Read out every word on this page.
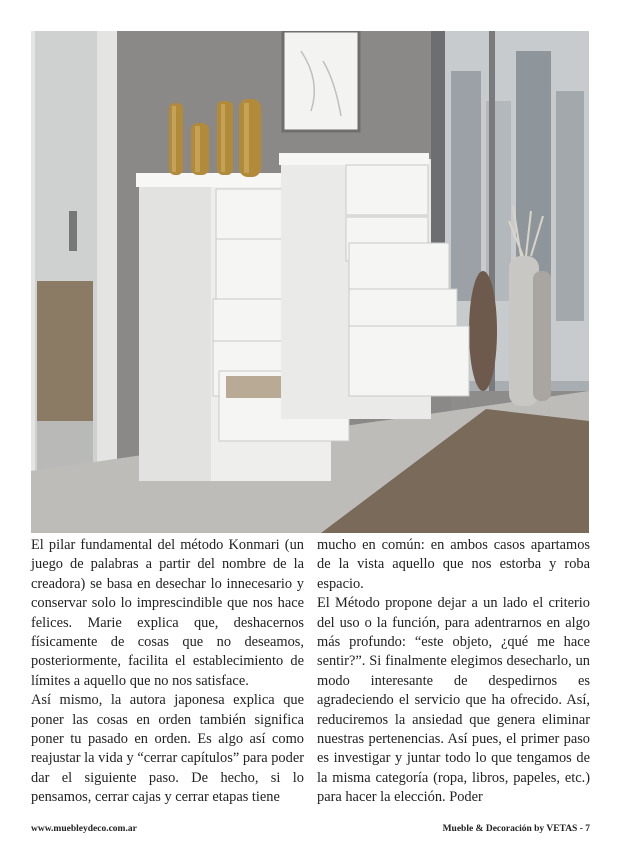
El pilar fundamental del método Konmari (un juego de palabras a partir del nombre de la creadora) se basa en desechar lo innecesario y conservar solo lo imprescindible que nos hace felices. Marie explica que, deshacernos físicamente de cosas que no deseamos, posteriormente, facilita el establecimiento de límites a aquello que no nos satisface.

Así mismo, la autora japonesa explica que poner las cosas en orden también significa poner tu pasado en orden. Es algo así como reajustar la vida y “cerrar capítulos” para poder dar el siguiente paso. De hecho, si lo pensamos, cerrar cajas y cerrar etapas tiene

mucho en común: en ambos casos apartamos de la vista aquello que nos estorba y roba espacio.

El Método propone dejar a un lado el criterio del uso o la función, para adentrarnos en algo más profundo: “este objeto, ¿qué me hace sentir?”. Si finalmente elegimos desecharlo, un modo interesante de despedirnos es agradeciendo el servicio que ha ofrecido. Así, reduciremos la ansiedad que genera eliminar nuestras pertenencias. Así pues, el primer paso es investigar y juntar todo lo que tengamos de la misma categoría (ropa, libros, papeles, etc.) para hacer la elección. Poder

www.muebleydeco.com.ar	Mueble & Decoración by VETAS - 7
